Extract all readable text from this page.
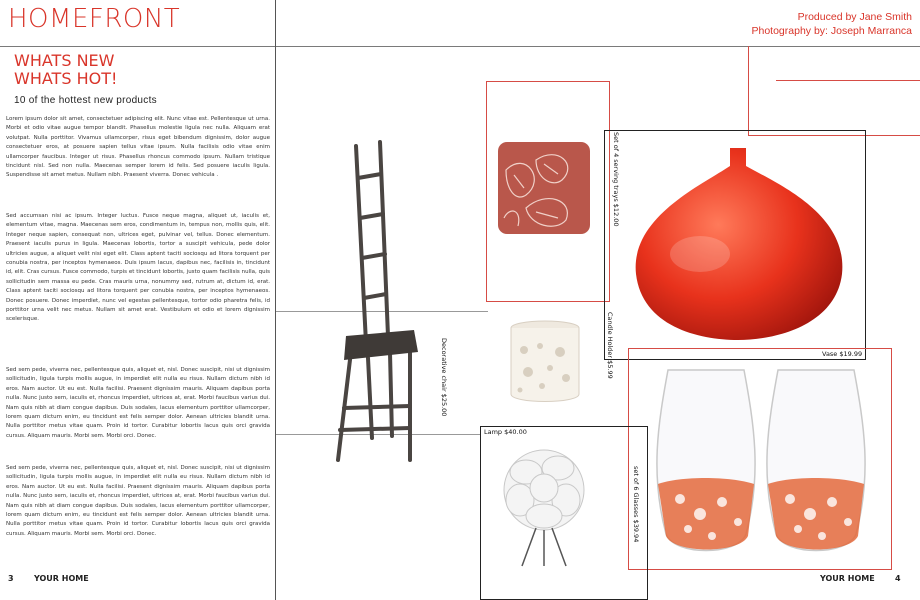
HOMEFRONT
WHATS NEW
WHATS HOT!
10 of the hottest new products
Lorem ipsum dolor sit amet, consectetuer adipiscing elit. Nunc vitae est. Pellentesque ut urna. Morbi et odio vitae augue tempor blandit. Phasellus molestie ligula nec nulla. Aliquam erat volutpat. Nulla porttitor. Vivamus ullamcorper, risus eget bibendum dignissim, dolor augue consectetuer eros, at posuere sapien tellus vitae ipsum. Nulla facilisis odio vitae enim ullamcorper faucibus. Integer ut risus. Phasellus rhoncus commodo ipsum. Nullam tristique tincidunt nisl. Sed non nulla. Maecenas semper lorem id felis. Sed posuere iaculis ligula. Suspendisse sit amet metus. Nullam nibh. Praesent viverra. Donec vehicula .
Sed accumsan nisi ac ipsum. Integer luctus. Fusce neque magna, aliquet ut, iaculis et, elementum vitae, magna. Maecenas sem eros, condimentum in, tempus non, mollis quis, elit. Integer neque sapien, consequat non, ultrices eget, pulvinar vel, tellus. Donec elementum. Praesent iaculis purus in ligula. Maecenas lobortis, tortor a suscipit vehicula, pede dolor ultricies augue, a aliquet velit nisi eget elit. Class aptent taciti sociosqu ad litora torquent per conubia nostra, per inceptos hymenaeos. Duis ipsum lacus, dapibus nec, facilisis in, tincidunt id, elit. Cras cursus. Fusce commodo, turpis et tincidunt lobortis, justo quam facilisis nulla, quis sollicitudin sem massa eu pede. Cras mauris urna, nonummy sed, rutrum at, dictum id, erat. Class aptent taciti sociosqu ad litora torquent per conubia nostra, per inceptos hymenaeos. Donec posuere. Donec imperdiet, nunc vel egestas pellentesque, tortor odio pharetra felis, id porttitor urna velit nec metus. Nullam sit amet erat. Vestibulum et odio et lorem dignissim scelerisque.
Sed sem pede, viverra nec, pellentesque quis, aliquet et, nisl. Donec suscipit, nisi ut dignissim sollicitudin, ligula turpis mollis augue, in imperdiet elit nulla eu risus. Nullam dictum nibh id eros. Nam auctor. Ut eu est. Nulla facilisi. Praesent dignissim mauris. Aliquam dapibus porta nulla. Nunc justo sem, iaculis et, rhoncus imperdiet, ultrices at, erat. Morbi faucibus varius dui. Nam quis nibh at diam congue dapibus. Duis sodales, lacus elementum porttitor ullamcorper, lorem quam dictum enim, eu tincidunt est felis semper dolor. Aenean ultricies blandit urna. Nulla porttitor metus vitae quam. Proin id tortor. Curabitur lobortis lacus quis orci gravida cursus. Aliquam mauris. Morbi sem. Morbi orci. Donec.
Sed sem pede, viverra nec, pellentesque quis, aliquet et, nisl. Donec suscipit, nisi ut dignissim sollicitudin, ligula turpis mollis augue, in imperdiet elit nulla eu risus. Nullam dictum nibh id eros. Nam auctor. Ut eu est. Nulla facilisi. Praesent dignissim mauris. Aliquam dapibus porta nulla. Nunc justo sem, iaculis et, rhoncus imperdiet, ultrices at, erat. Morbi faucibus varius dui. Nam quis nibh at diam congue dapibus. Duis sodales, lacus elementum porttitor ullamcorper, lorem quam dictum enim, eu tincidunt est felis semper dolor. Aenean ultricies blandit urna. Nulla porttitor metus vitae quam. Proin id tortor. Curabitur lobortis lacus quis orci gravida cursus. Aliquam mauris. Morbi sem. Morbi orci. Donec.
3	YOUR HOME
Produced by Jane Smith
Photography by: Joseph Marranca
Decorative chair $25.00
Set of 4 serving trays $12.00
Candle Holder $5.99	Vase $19.99
set of 6 Glasses $39.94
Lamp $40.00
YOUR HOME	4
